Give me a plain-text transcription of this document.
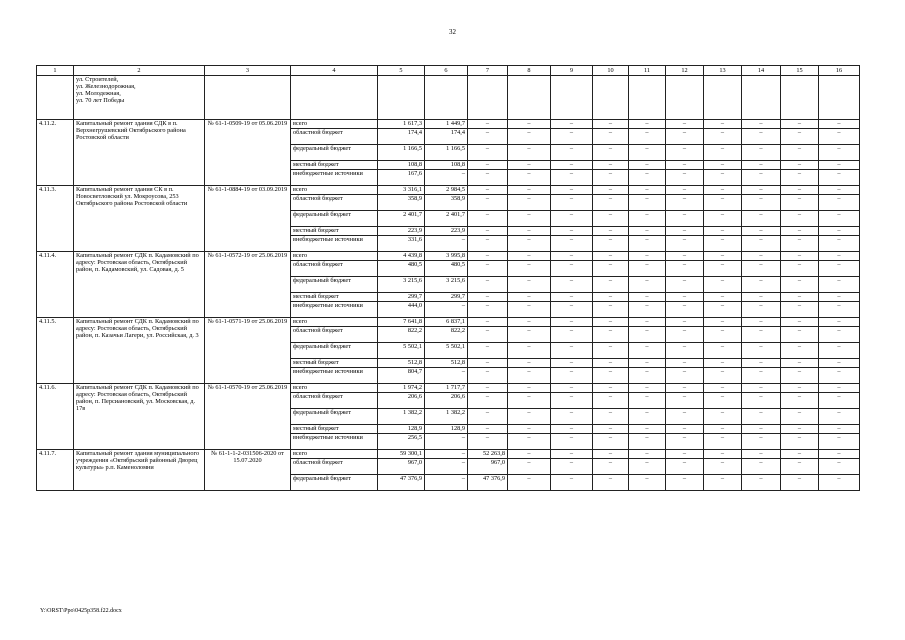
32
1	2	3	4	5	6	7	8	9	10	11	12	13	14	15	16
	ул. Строителей,
ул. Железнодорожная,
ул. Молодежная,
ул. 70 лет Победы														
4.11.2.	Капитальный ремонт здания СДК в п. Верхнегрушевский Октябрьского района Ростовской области	№ 61-1-0509-19 от 05.06.2019	всего	1 617,3	1 449,7	–	–	–	–	–	–	–	–	–	–
			областной бюджет	174,4	174,4	–	–	–	–	–	–	–	–	–	–
			федеральный бюджет	1 166,5	1 166,5	–	–	–	–	–	–	–	–	–	–
			местный бюджет	108,8	108,8	–	–	–	–	–	–	–	–	–	–
			внебюджетные источники	167,6	–	–	–	–	–	–	–	–	–	–	–
4.11.3.	Капитальный ремонт здания СК в п. Новосветловский ул. Мокроусова, 253 Октябрьского района Ростовской области	№ 61-1-0884-19 от 03.09.2019	всего	3 316,1	2 984,5	–	–	–	–	–	–	–	–	–	–
			областной бюджет	358,9	358,9	–	–	–	–	–	–	–	–	–	–
			федеральный бюджет	2 401,7	2 401,7	–	–	–	–	–	–	–	–	–	–
			местный бюджет	223,9	223,9	–	–	–	–	–	–	–	–	–	–
			внебюджетные источники	331,6	–	–	–	–	–	–	–	–	–	–	–
4.11.4.	Капитальный ремонт СДК п. Кадамовский по адресу: Ростовская область, Октябрьский район, п. Кадамовский, ул. Садовая, д. 5	№ 61-1-0572-19 от 25.06.2019	всего	4 439,8	3 995,8	–	–	–	–	–	–	–	–	–	–
			областной бюджет	480,5	480,5	–	–	–	–	–	–	–	–	–	–
			федеральный бюджет	3 215,6	3 215,6	–	–	–	–	–	–	–	–	–	–
			местный бюджет	299,7	299,7	–	–	–	–	–	–	–	–	–	–
			внебюджетные источники	444,0	–	–	–	–	–	–	–	–	–	–	–
4.11.5.	Капитальный ремонт СДК п. Кадамовский по адресу: Ростовская область, Октябрьский район, п. Казачьи Лагери, ул. Российская, д. 3	№ 61-1-0571-19 от 25.06.2019	всего	7 641,8	6 837,1	–	–	–	–	–	–	–	–	–	–
			областной бюджет	822,2	822,2	–	–	–	–	–	–	–	–	–	–
			федеральный бюджет	5 502,1	5 502,1	–	–	–	–	–	–	–	–	–	–
			местный бюджет	512,8	512,8	–	–	–	–	–	–	–	–	–	–
			внебюджетные источники	804,7	–	–	–	–	–	–	–	–	–	–	–
4.11.6.	Капитальный ремонт СДК п. Кадамовский по адресу: Ростовская область, Октябрьский район, п. Персиановский, ул. Московская, д. 17в	№ 61-1-0570-19 от 25.06.2019	всего	1 974,2	1 717,7	–	–	–	–	–	–	–	–	–	–
			областной бюджет	206,6	206,6	–	–	–	–	–	–	–	–	–	–
			федеральный бюджет	1 382,2	1 382,2	–	–	–	–	–	–	–	–	–	–
			местный бюджет	128,9	128,9	–	–	–	–	–	–	–	–	–	–
			внебюджетные источники	256,5	–	–	–	–	–	–	–	–	–	–	–
4.11.7.	Капитальный ремонт здания муниципального учреждения «Октябрьский районный Дворец культуры» р.п. Каменоломни	№ 61-1-1-2-031506-2020 от 15.07.2020	всего	59 300,1	–	52 263,8	–	–	–	–	–	–	–	–	–
			областной бюджет	967,0	–	967,0	–	–	–	–	–	–	–	–	–
			федеральный бюджет	47 376,9	–	47 376,9	–	–	–	–	–	–	–	–	–
Y:\ORST\Ppo\0425p358.f22.docx
